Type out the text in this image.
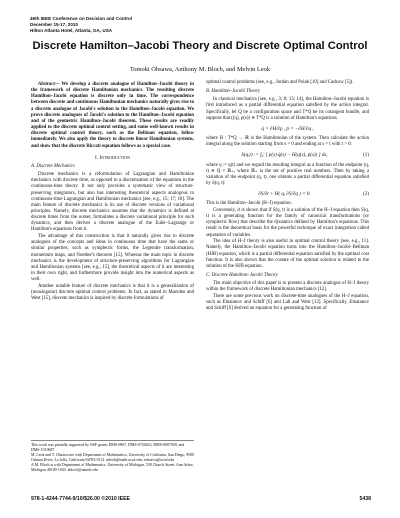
49th IEEE Conference on Decision and Control
December 15-17, 2010
Hilton Atlanta Hotel, Atlanta, GA, USA
Discrete Hamilton–Jacobi Theory and Discrete Optimal Control
Tomoki Ohsawa, Anthony M. Bloch, and Melvin Leok

Abstract— We develop a discrete analogue of Hamilton–Jacobi theory in the framework of discrete Hamiltonian mechanics. The resulting discrete Hamilton–Jacobi equation is discrete only in time. The correspondence between discrete and continuous Hamiltonian mechanics naturally gives rise to a discrete analogue of Jacobi's solution to the Hamilton–Jacobi equation. We prove discrete analogues of Jacobi's solution to the Hamilton–Jacobi equation and of the geometric Hamilton–Jacobi theorem. These results are readily applied to the discrete optimal control setting, and some well-known results in discrete optimal control theory, such as the Bellman equation, follow immediately. We also apply the theory to discrete linear Hamiltonian systems, and show that the discrete Riccati equation follows as a special case.

I. Introduction
A. Discrete Mechanics

Discrete mechanics is a reformulation of Lagrangian and Hamiltonian mechanics with discrete time, as opposed to a discretization of the equations in the continuous-time theory. It not only provides a systematic view of structure-preserving integrators, but also has interesting theoretical aspects analogous to continuous-time Lagrangian and Hamiltonian mechanics [see, e.g., 15; 17; 18]. The main feature of discrete mechanics is its use of discrete versions of variational principles. Namely, discrete mechanics assumes that the dynamics is defined at discrete times from the outset, formulates a discrete variational principle for such dynamics, and then derives a discrete analogue of the Euler–Lagrange or Hamilton's equations from it.

The advantage of this construction is that it naturally gives rise to discrete analogues of the concepts and ideas in continuous time that have the same or similar properties, such as symplectic forms, the Legendre transformation, momentum maps, and Noether's theorem [15]. Whereas the main topic in discrete mechanics is the development of structure-preserving algorithms for Lagrangian and Hamiltonian systems [see, e.g., 15], the theoretical aspects of it are interesting in their own right, and furthermore provide insight into the numerical aspects as well.

Another notable feature of discrete mechanics is that it is a generalization of (nonsingular) discrete optimal control problems. In fact, as stated in Marsden and West [15], discrete mechanics is inspired by discrete formulations of

This work was partially supported by NSF grants DMS-0807, DMS-0726263, DMS-0907949, and DMS-1010687.

M. Leok and T. Ohsawa are with Department of Mathematics, University of California, San Diego, 9500 Gilman Drive, La Jolla, California 92093-0112. mleok@math.ucsd.edu; tohsawa@ucsd.edu

A.M. Bloch is with Department of Mathematics, University of Michigan, 530 Church Street, Ann Arbor, Michigan 48109-1043. abloch@umich.edu

optimal control problems (see, e.g., Jordan and Polak [10] and Cadzow [5]).

B. Hamilton–Jacobi Theory

In classical mechanics [see, e.g., 3; 8; 13; 14], the Hamilton–Jacobi equation is first introduced as a partial differential equation satisfied by the action integral. Specifically, let Q be a configuration space and T*Q be its cotangent bundle, and suppose that ((q), p(s)) ∈ T*Q is a solution of Hamilton's equations

q̇ = ∂H/∂p , ṗ = −∂H/∂q ,

where H : T*Q → ℝ is the Hamiltonian of the system. Then calculate the action integral along the solution starting from s = 0 and ending at s = t with t > 0:

S(q,t) := ∫₀ᵗ [ p(s)·q̇(s) − H(q(s), p(s)) ] ds,	(1)

where q := q(t) and we regard the resulting integral as a function of the endpoint (q, t) ∈ Q × ℝ₊, where ℝ₊ is the set of positive real numbers. Then by taking a variation of the endpoint (q, t), one obtains a partial differential equation satisfied by S(q, t):

∂S/∂t + H( q, ∂S/∂q ) = 0.	(2)

This is the Hamilton–Jacobi (H–J) equation.

Conversely, it is shown that if S(q, t) is a solution of the H–J equation then S(q, t) is a generating function for the family of canonical transformations (or symplectic flow) that describe the dynamics defined by Hamilton's equations. This result is the theoretical basis for the powerful technique of exact integration called separation of variables.

The idea of H–J theory is also useful in optimal control theory [see, e.g., 11]. Namely, the Hamilton–Jacobi equation turns into the Hamilton–Jacobi–Bellman (HJB) equation, which is a partial differential equation satisfied by the optimal cost function. It is also shown that the costate of the optimal solution is related to the solution of the HJB equation.

C. Discrete Hamilton–Jacobi Theory

The main objective of this paper is to present a discrete analogue of H–J theory within the framework of discrete Hamiltonian mechanics [12].

There are some previous work on discrete-time analogues of the H–J equation, such as Elnatanov and Schiff [6] and Lall and West [12]. Specifically, Elnatanov and Schiff [6] derived an equation for a generating function of

978-1-4244-7744-9/10/$26.00 ©2010 IEEE	5438
